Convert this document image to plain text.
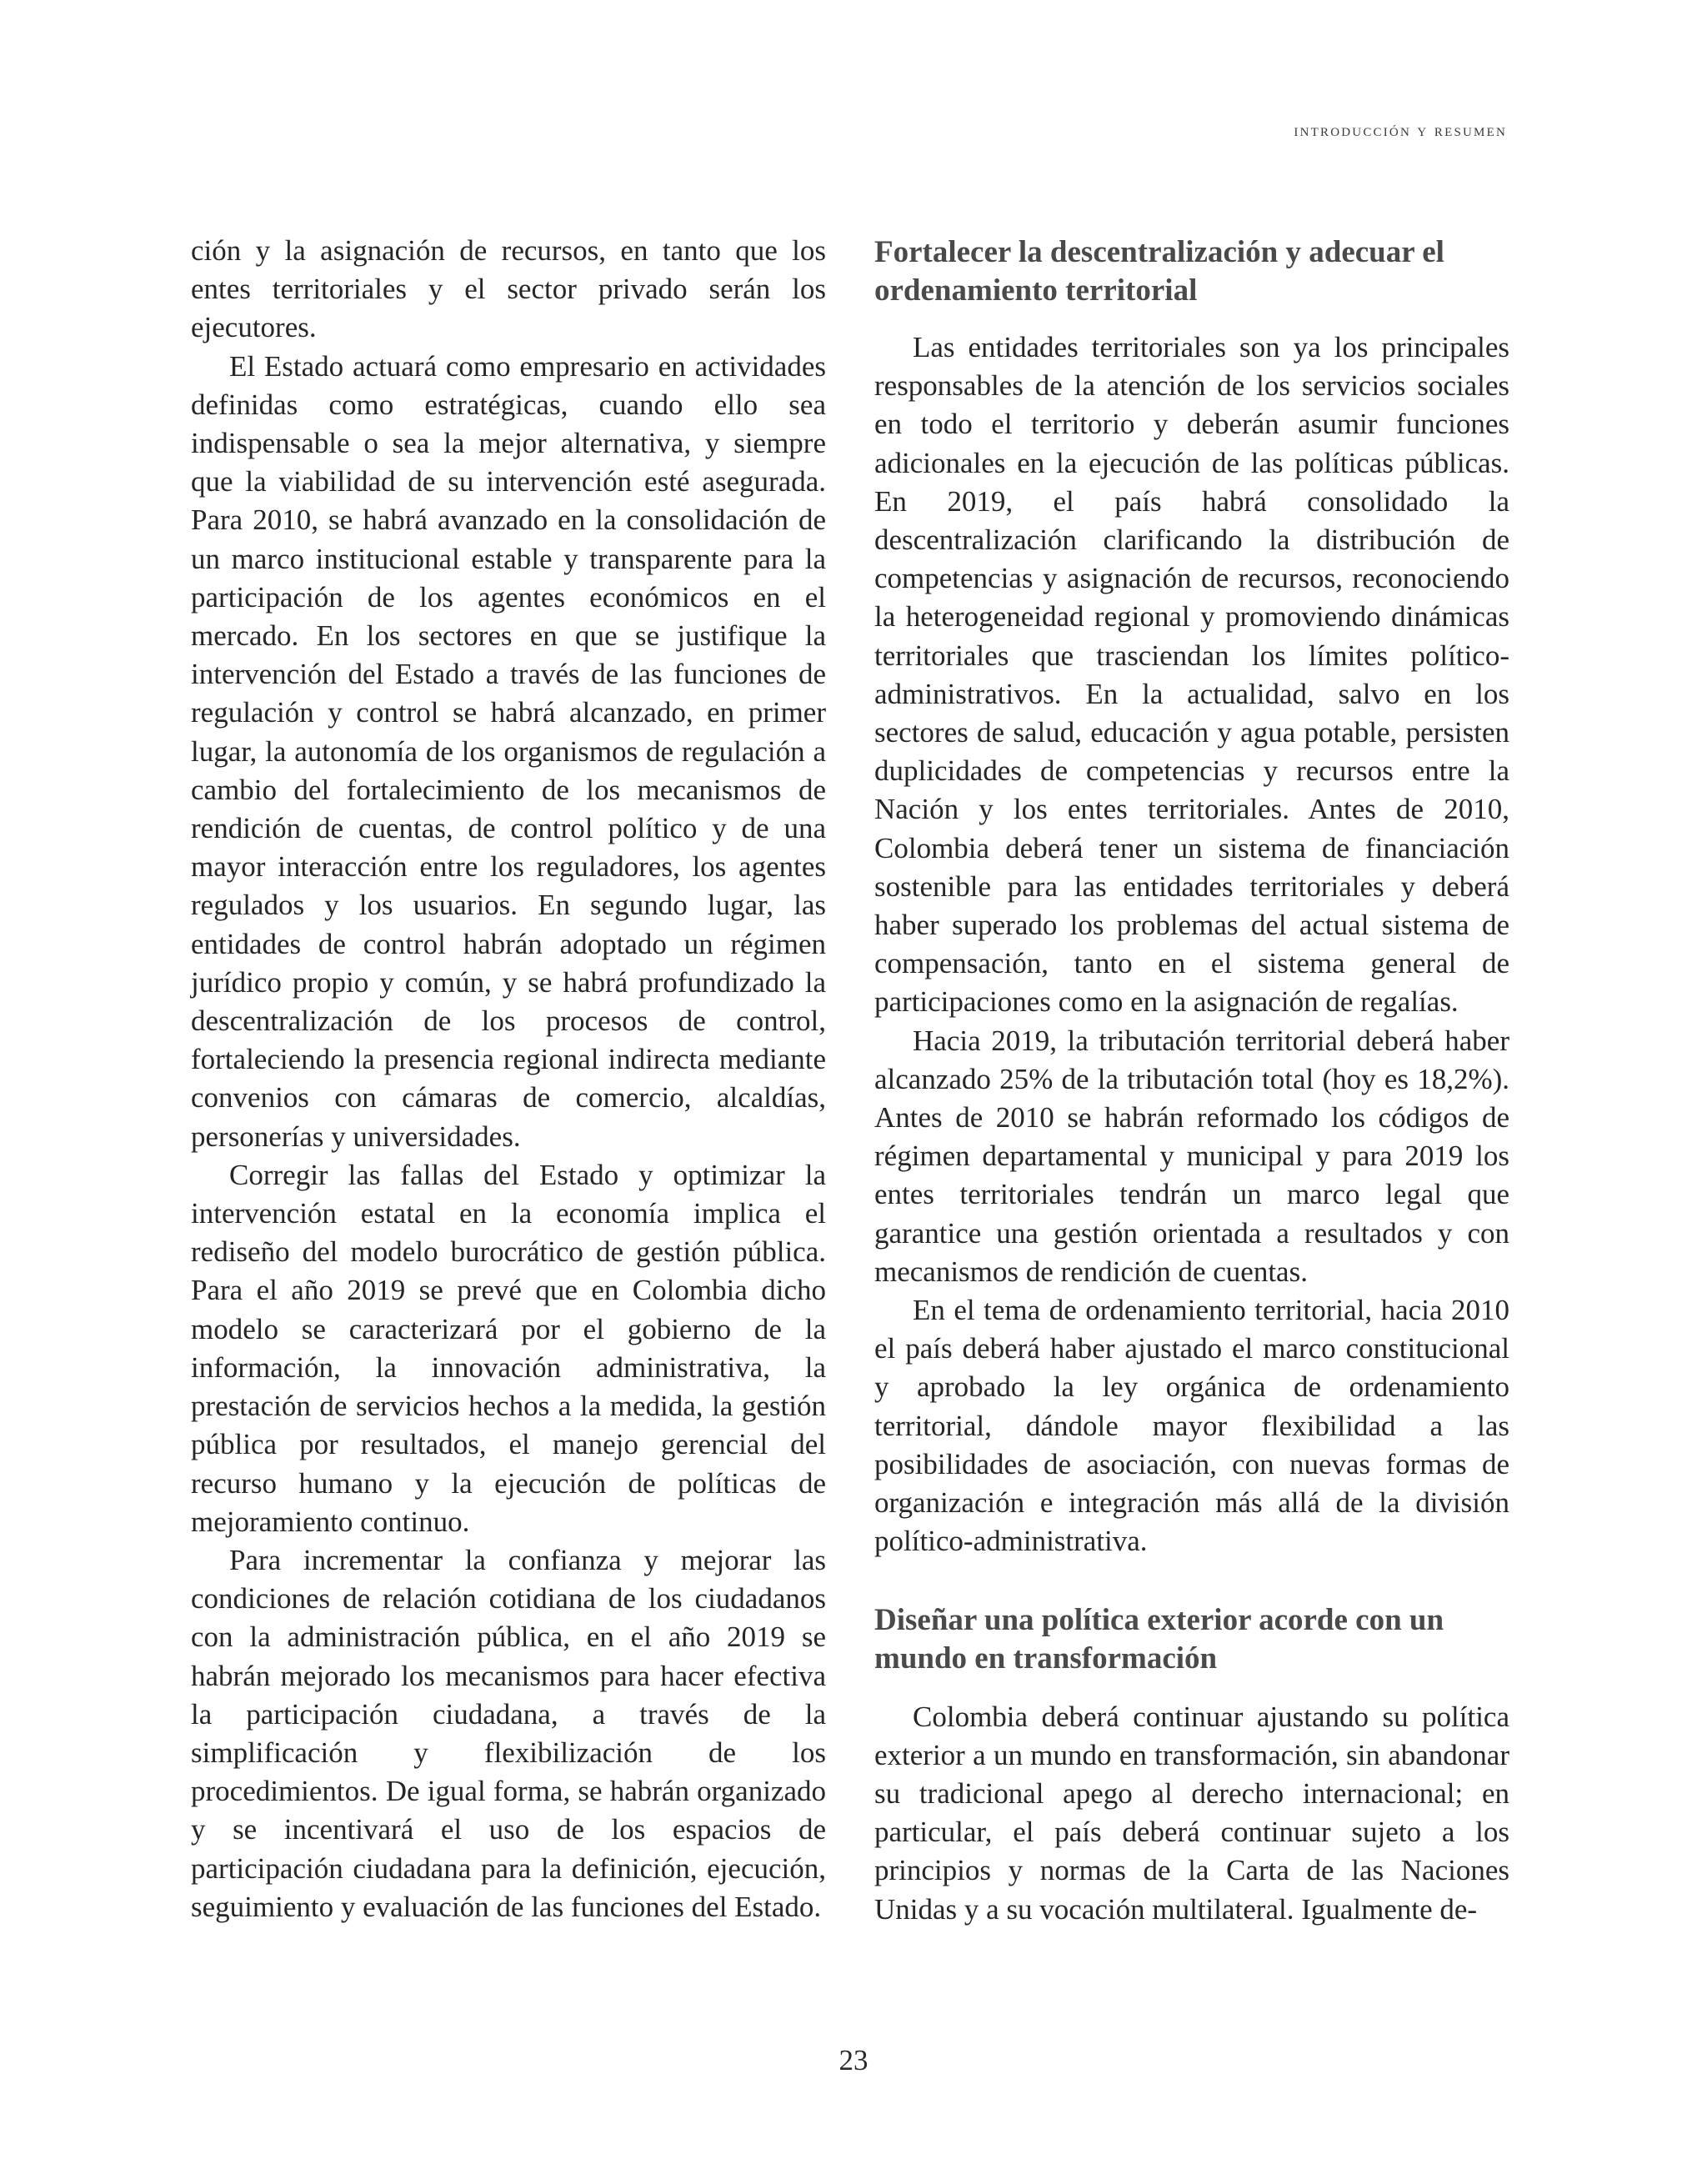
introducción y resumen

ción y la asignación de recursos, en tanto que los entes territoriales y el sector privado serán los ejecutores.

El Estado actuará como empresario en actividades definidas como estratégicas, cuando ello sea indispensable o sea la mejor alternativa, y siempre que la viabilidad de su intervención esté asegurada. Para 2010, se habrá avanzado en la consolidación de un marco institucional estable y transparente para la participación de los agentes económicos en el mercado. En los sectores en que se justifique la intervención del Estado a través de las funciones de regulación y control se habrá alcanzado, en primer lugar, la autonomía de los organismos de regulación a cambio del fortalecimiento de los mecanismos de rendición de cuentas, de control político y de una mayor interacción entre los reguladores, los agentes regulados y los usuarios. En segundo lugar, las entidades de control habrán adoptado un régimen jurídico propio y común, y se habrá profundizado la descentralización de los procesos de control, fortaleciendo la presencia regional indirecta mediante convenios con cámaras de comercio, alcaldías, personerías y universidades.

Corregir las fallas del Estado y optimizar la intervención estatal en la economía implica el rediseño del modelo burocrático de gestión pública. Para el año 2019 se prevé que en Colombia dicho modelo se caracterizará por el gobierno de la información, la innovación administrativa, la prestación de servicios hechos a la medida, la gestión pública por resultados, el manejo gerencial del recurso humano y la ejecución de políticas de mejoramiento continuo.

Para incrementar la confianza y mejorar las condiciones de relación cotidiana de los ciudadanos con la administración pública, en el año 2019 se habrán mejorado los mecanismos para hacer efectiva la participación ciudadana, a través de la simplificación y flexibilización de los procedimientos. De igual forma, se habrán organizado y se incentivará el uso de los espacios de participación ciudadana para la definición, ejecución, seguimiento y evaluación de las funciones del Estado.

Fortalecer la descentralización y adecuar el ordenamiento territorial

Las entidades territoriales son ya los principales responsables de la atención de los servicios sociales en todo el territorio y deberán asumir funciones adicionales en la ejecución de las políticas públicas. En 2019, el país habrá consolidado la descentralización clarificando la distribución de competencias y asignación de recursos, reconociendo la heterogeneidad regional y promoviendo dinámicas territoriales que trasciendan los límites político-administrativos. En la actualidad, salvo en los sectores de salud, educación y agua potable, persisten duplicidades de competencias y recursos entre la Nación y los entes territoriales. Antes de 2010, Colombia deberá tener un sistema de financiación sostenible para las entidades territoriales y deberá haber superado los problemas del actual sistema de compensación, tanto en el sistema general de participaciones como en la asignación de regalías.

Hacia 2019, la tributación territorial deberá haber alcanzado 25% de la tributación total (hoy es 18,2%). Antes de 2010 se habrán reformado los códigos de régimen departamental y municipal y para 2019 los entes territoriales tendrán un marco legal que garantice una gestión orientada a resultados y con mecanismos de rendición de cuentas.

En el tema de ordenamiento territorial, hacia 2010 el país deberá haber ajustado el marco constitucional y aprobado la ley orgánica de ordenamiento territorial, dándole mayor flexibilidad a las posibilidades de asociación, con nuevas formas de organización e integración más allá de la división político-administrativa.

Diseñar una política exterior acorde con un mundo en transformación

Colombia deberá continuar ajustando su política exterior a un mundo en transformación, sin abandonar su tradicional apego al derecho internacional; en particular, el país deberá continuar sujeto a los principios y normas de la Carta de las Naciones Unidas y a su vocación multilateral. Igualmente de-

23
